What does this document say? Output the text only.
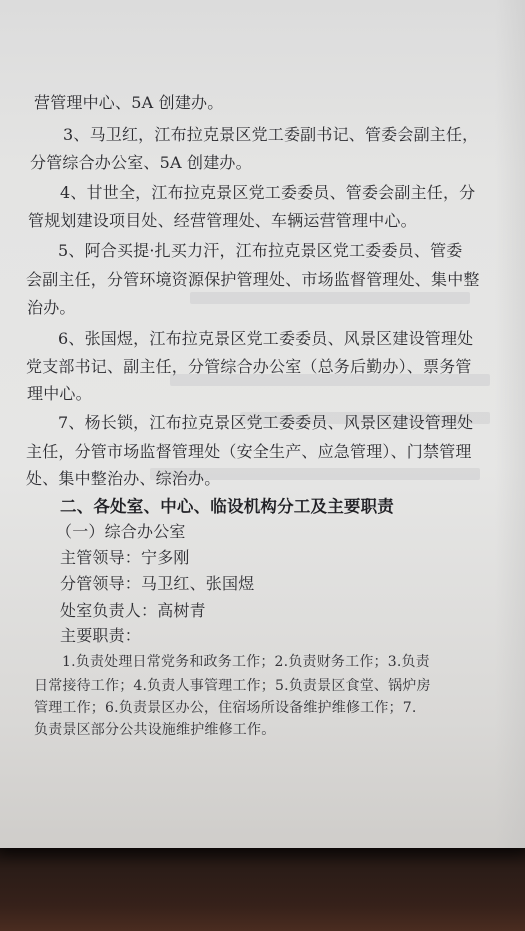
营管理中心、5A 创建办。
3、马卫红，江布拉克景区党工委副书记、管委会副主任，
分管综合办公室、5A 创建办。
4、甘世全，江布拉克景区党工委委员、管委会副主任，分
管规划建设项目处、经营管理处、车辆运营管理中心。
5、阿合买提·扎买力汗，江布拉克景区党工委委员、管委
会副主任，分管环境资源保护管理处、市场监督管理处、集中整
治办。
6、张国煜，江布拉克景区党工委委员、风景区建设管理处
党支部书记、副主任，分管综合办公室（总务后勤办）、票务管
理中心。
7、杨长锁，江布拉克景区党工委委员、风景区建设管理处
主任，分管市场监督管理处（安全生产、应急管理）、门禁管理
处、集中整治办、综治办。
二、各处室、中心、临设机构分工及主要职责
（一）综合办公室
主管领导：宁多刚
分管领导：马卫红、张国煜
处室负责人：高树青
主要职责：
1.负责处理日常党务和政务工作；2.负责财务工作；3.负责
日常接待工作；4.负责人事管理工作；5.负责景区食堂、锅炉房
管理工作；6.负责景区办公，住宿场所设备维护维修工作；7.
负责景区部分公共设施维护维修工作。
